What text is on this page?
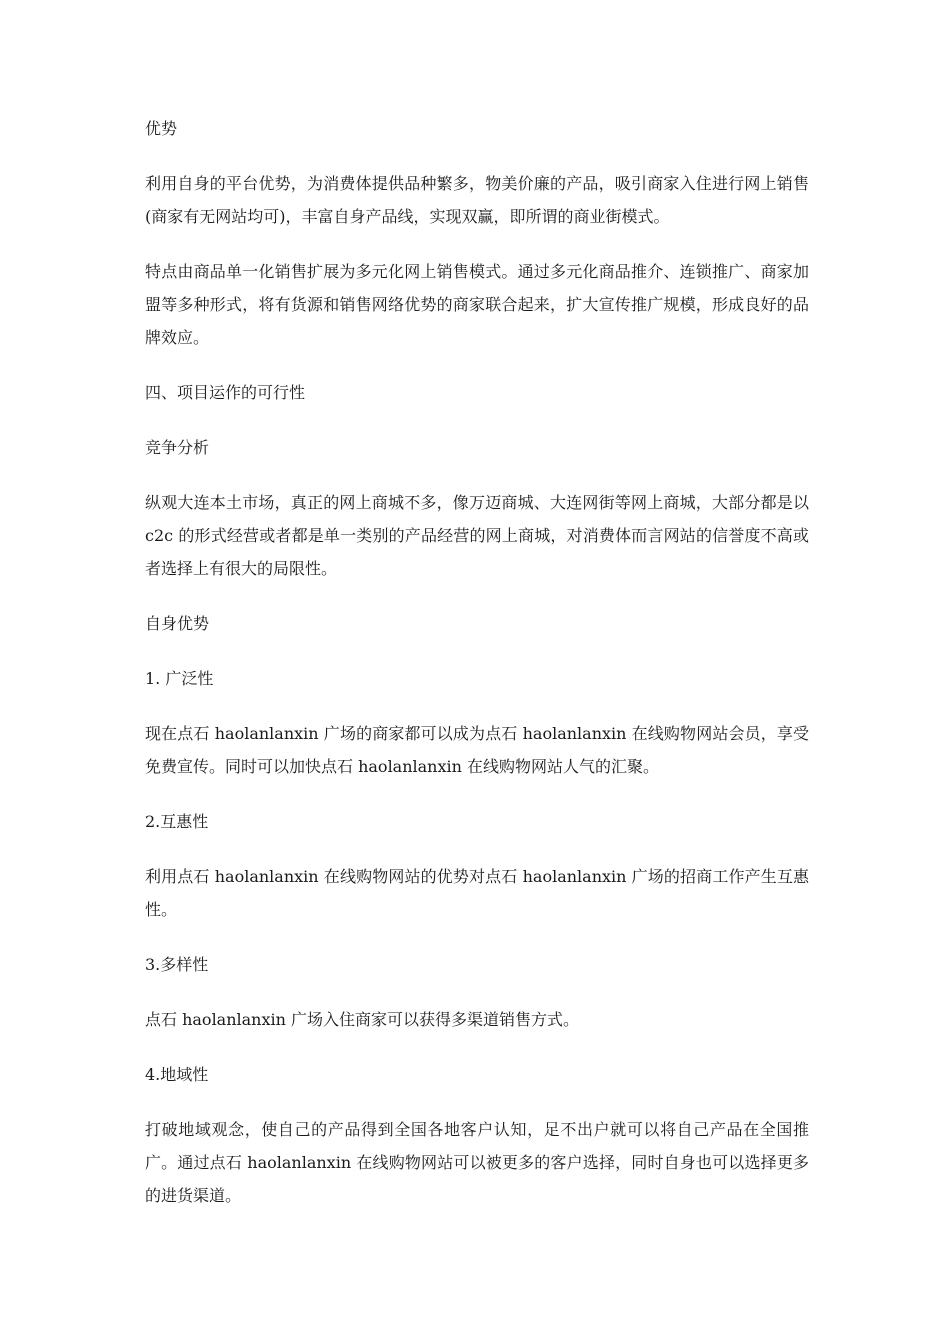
优势

利用自身的平台优势，为消费体提供品种繁多，物美价廉的产品，吸引商家入住进行网上销售(商家有无网站均可)，丰富自身产品线，实现双赢，即所谓的商业街模式。

特点由商品单一化销售扩展为多元化网上销售模式。通过多元化商品推介、连锁推广、商家加盟等多种形式，将有货源和销售网络优势的商家联合起来，扩大宣传推广规模，形成良好的品牌效应。

四、项目运作的可行性

竞争分析

纵观大连本土市场，真正的网上商城不多，像万迈商城、大连网街等网上商城，大部分都是以 c2c 的形式经营或者都是单一类别的产品经营的网上商城，对消费体而言网站的信誉度不高或者选择上有很大的局限性。

自身优势

1. 广泛性

现在点石 haolanlanxin 广场的商家都可以成为点石 haolanlanxin 在线购物网站会员，享受免费宣传。同时可以加快点石 haolanlanxin 在线购物网站人气的汇聚。

2.互惠性

利用点石 haolanlanxin 在线购物网站的优势对点石 haolanlanxin 广场的招商工作产生互惠性。

3.多样性

点石 haolanlanxin 广场入住商家可以获得多渠道销售方式。

4.地域性

打破地域观念，使自己的产品得到全国各地客户认知，足不出户就可以将自己产品在全国推广。通过点石 haolanlanxin 在线购物网站可以被更多的客户选择，同时自身也可以选择更多的进货渠道。
